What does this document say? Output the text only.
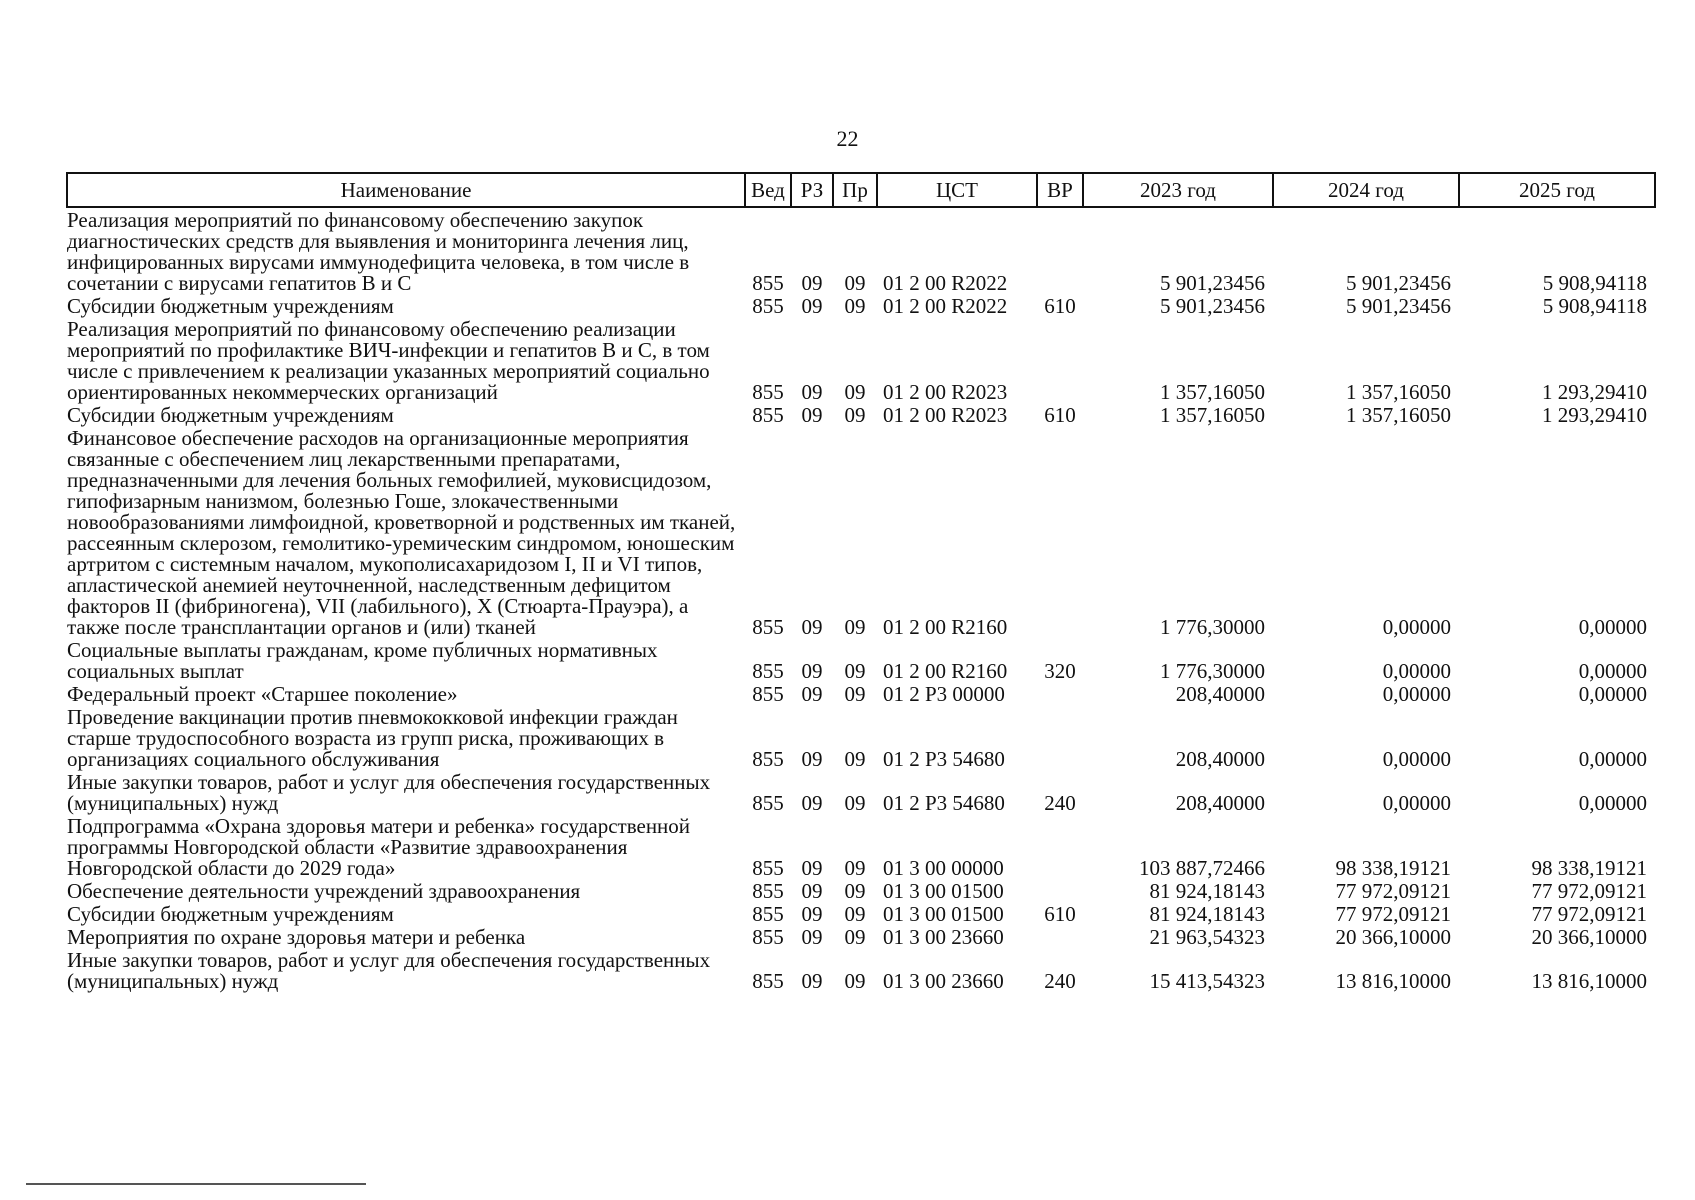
22
Наименование	Вед	РЗ	Пр	ЦСТ	ВР	2023 год	2024 год	2025 год
Реализация мероприятий по финансовому обеспечению закупок диагностических средств для выявления и мониторинга лечения лиц, инфицированных вирусами иммунодефицита человека, в том числе в сочетании с вирусами гепатитов В и С	855	09	09	01 2 00 R2022		5 901,23456	5 901,23456	5 908,94118
Субсидии бюджетным учреждениям	855	09	09	01 2 00 R2022	610	5 901,23456	5 901,23456	5 908,94118
Реализация мероприятий по финансовому обеспечению реализации мероприятий по профилактике ВИЧ-инфекции и гепатитов В и С, в том числе с привлечением к реализации указанных мероприятий социально ориентированных некоммерческих организаций	855	09	09	01 2 00 R2023		1 357,16050	1 357,16050	1 293,29410
Субсидии бюджетным учреждениям	855	09	09	01 2 00 R2023	610	1 357,16050	1 357,16050	1 293,29410
Финансовое обеспечение расходов на организационные мероприятия связанные с обеспечением лиц лекарственными препаратами, предназначенными для лечения больных гемофилией, муковисцидозом, гипофизарным нанизмом, болезнью Гоше, злокачественными новообразованиями лимфоидной, кроветворной и родственных им тканей, рассеянным склерозом, гемолитико-уремическим синдромом, юношеским артритом с системным началом, мукополисахаридозом I, II и VI типов, апластической анемией неуточненной, наследственным дефицитом факторов II (фибриногена), VII (лабильного), X (Стюарта-Прауэра), а также после трансплантации органов и (или) тканей	855	09	09	01 2 00 R2160		1 776,30000	0,00000	0,00000
Социальные выплаты гражданам, кроме публичных нормативных социальных выплат	855	09	09	01 2 00 R2160	320	1 776,30000	0,00000	0,00000
Федеральный проект «Старшее поколение»	855	09	09	01 2 P3 00000		208,40000	0,00000	0,00000
Проведение вакцинации против пневмококковой инфекции граждан старше трудоспособного возраста из групп риска, проживающих в организациях социального обслуживания	855	09	09	01 2 P3 54680		208,40000	0,00000	0,00000
Иные закупки товаров, работ и услуг для обеспечения государственных (муниципальных) нужд	855	09	09	01 2 P3 54680	240	208,40000	0,00000	0,00000
Подпрограмма «Охрана здоровья матери и ребенка» государственной программы Новгородской области «Развитие здравоохранения Новгородской области до 2029 года»	855	09	09	01 3 00 00000		103 887,72466	98 338,19121	98 338,19121
Обеспечение деятельности учреждений здравоохранения	855	09	09	01 3 00 01500		81 924,18143	77 972,09121	77 972,09121
Субсидии бюджетным учреждениям	855	09	09	01 3 00 01500	610	81 924,18143	77 972,09121	77 972,09121
Мероприятия по охране здоровья матери и ребенка	855	09	09	01 3 00 23660		21 963,54323	20 366,10000	20 366,10000
Иные закупки товаров, работ и услуг для обеспечения государственных (муниципальных) нужд	855	09	09	01 3 00 23660	240	15 413,54323	13 816,10000	13 816,10000
